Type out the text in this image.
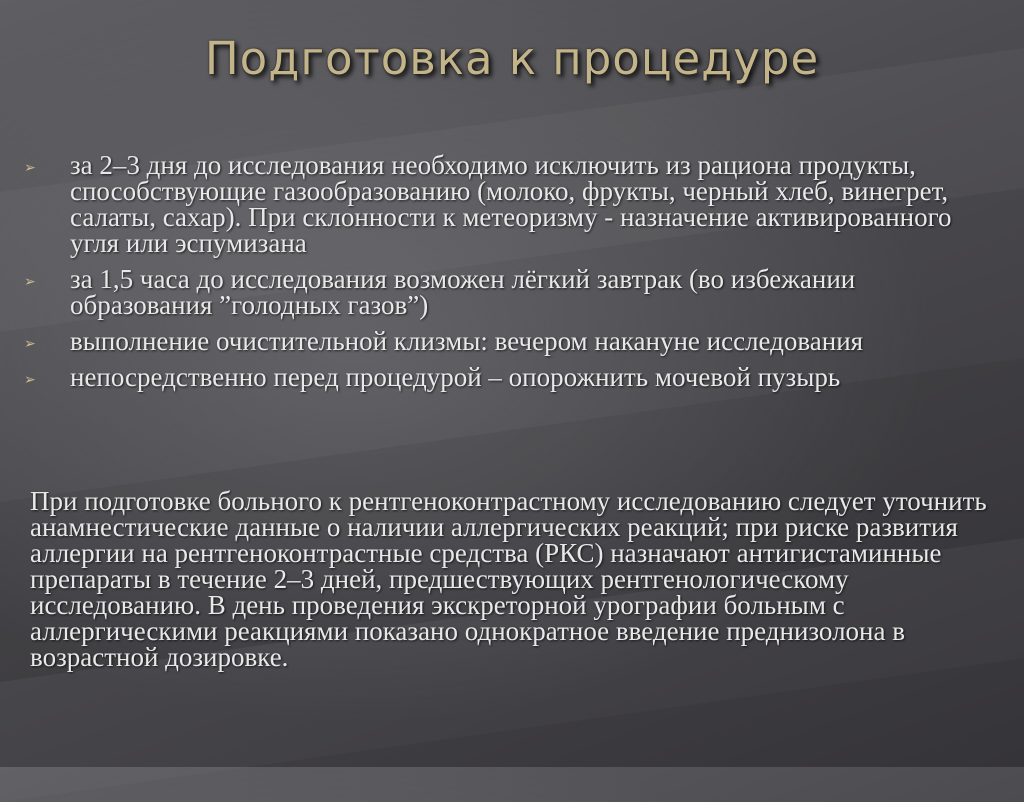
Подготовка к процедуре
➢ за 2–3 дня до исследования необходимо исключить из рациона продукты, способствующие газообразованию (молоко, фрукты, черный хлеб, винегрет, салаты, сахар). При склонности к метеоризму - назначение активированного угля или эспумизана
➢ за 1,5 часа до исследования возможен лёгкий завтрак (во избежании образования ”голодных газов”)
➢ выполнение очистительной клизмы: вечером накануне исследования
➢ непосредственно перед процедурой – опорожнить мочевой пузырь

При подготовке больного к рентгеноконтрастному исследованию следует уточнить анамнестические данные о наличии аллергических реакций; при риске развития аллергии на рентгеноконтрастные средства (РКС) назначают антигистаминные препараты в течение 2–3 дней, предшествующих рентгенологическому исследованию. В день проведения экскреторной урографии больным с аллергическими реакциями показано однократное введение преднизолона в возрастной дозировке.
